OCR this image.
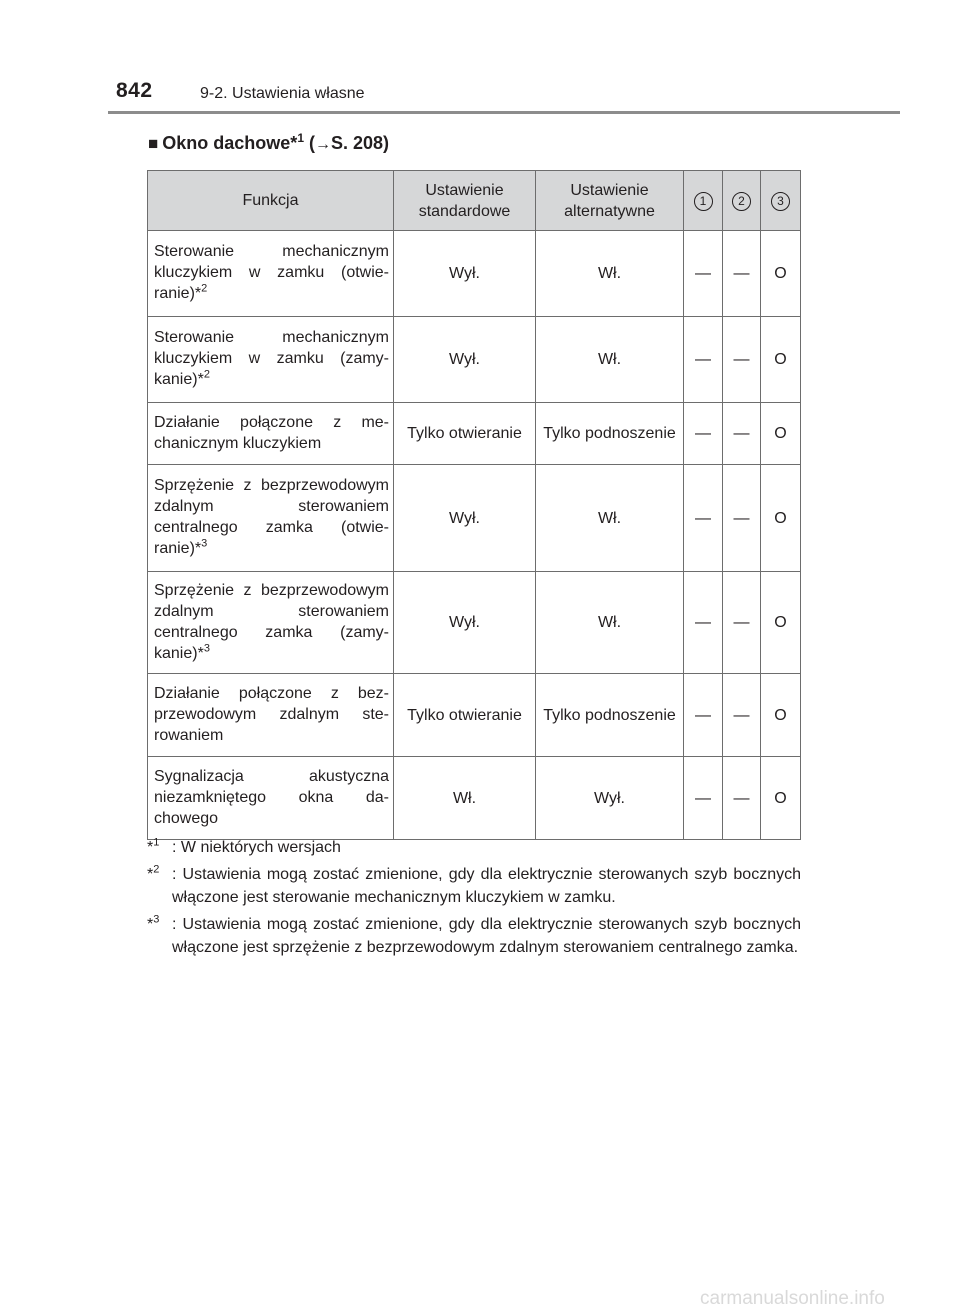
842	9-2. Ustawienia własne
■ Okno dachowe*$^1$ (→S. 208)
Funkcja	Ustawienie standardowe	Ustawienie alternatywne	1	2	3
Sterowanie mechanicznym kluczykiem w zamku (otwieranie)*$^2$	Wył.	Wł.	—	—	O
Sterowanie mechanicznym kluczykiem w zamku (zamykanie)*$^2$	Wył.	Wł.	—	—	O
Działanie połączone z mechanicznym kluczykiem	Tylko otwieranie	Tylko podnoszenie	—	—	O
Sprzężenie z bezprzewodowym zdalnym sterowaniem centralnego zamka (otwieranie)*$^3$	Wył.	Wł.	—	—	O
Sprzężenie z bezprzewodowym zdalnym sterowaniem centralnego zamka (zamykanie)*$^3$	Wył.	Wł.	—	—	O
Działanie połączone z bezprzewodowym zdalnym sterowaniem	Tylko otwieranie	Tylko podnoszenie	—	—	O
Sygnalizacja akustyczna niezamkniętego okna dachowego	Wł.	Wył.	—	—	O
*$^1$ : W niektórych wersjach
*$^2$ : Ustawienia mogą zostać zmienione, gdy dla elektrycznie sterowanych szyb bocznych włączone jest sterowanie mechanicznym kluczykiem w zamku.
*$^3$ : Ustawienia mogą zostać zmienione, gdy dla elektrycznie sterowanych szyb bocznych włączone jest sprzężenie z bezprzewodowym zdalnym sterowaniem centralnego zamka.
carmanualsonline.info
